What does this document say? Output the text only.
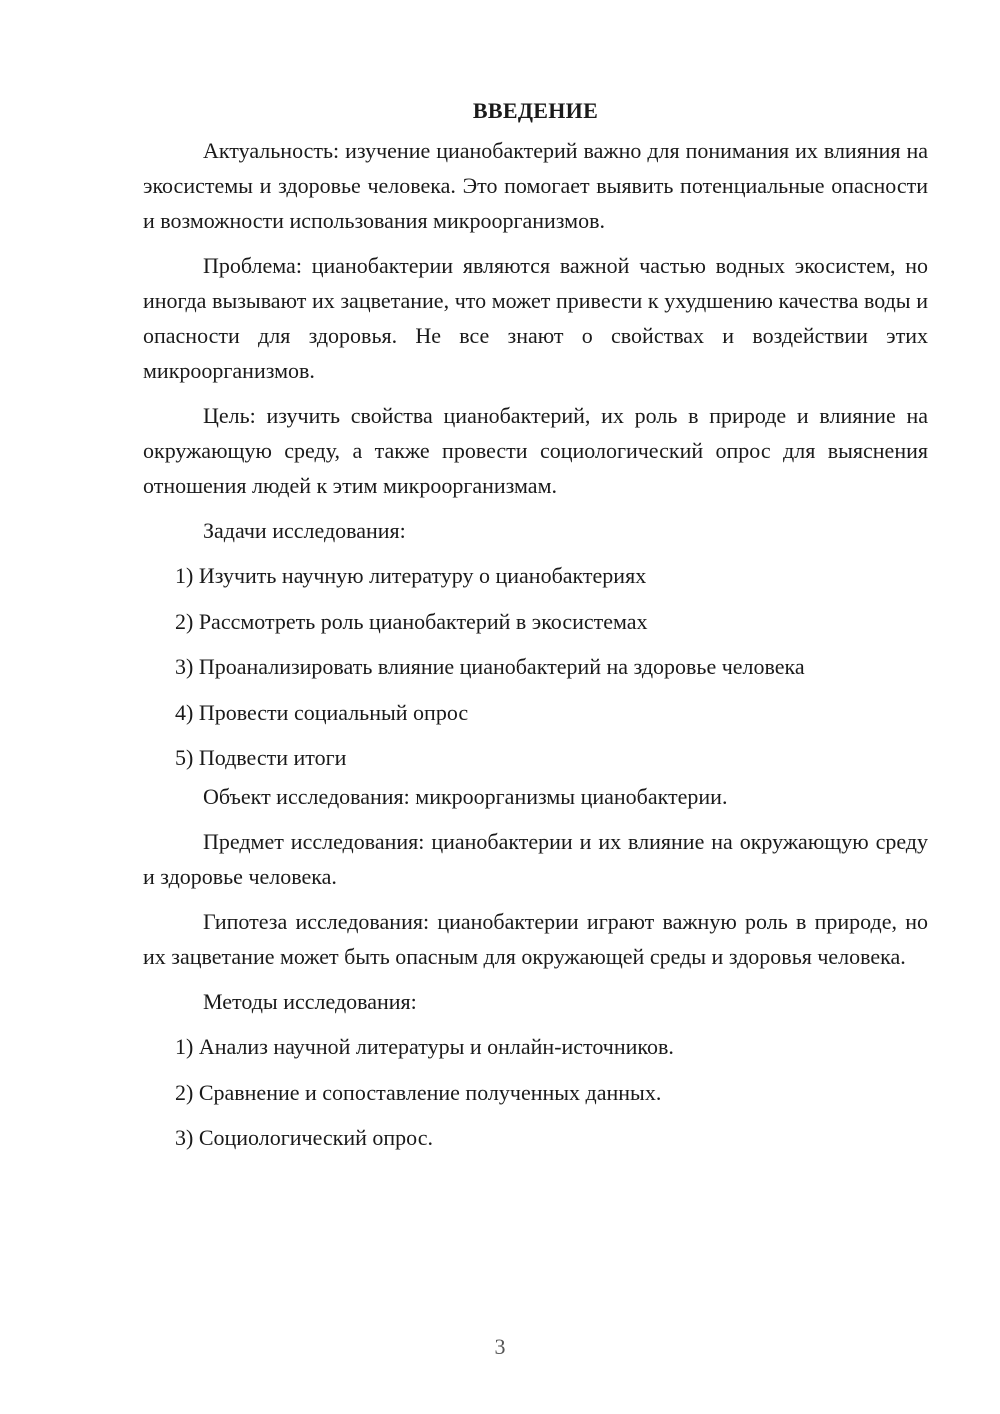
ВВЕДЕНИЕ

Актуальность: изучение цианобактерий важно для понимания их влияния на экосистемы и здоровье человека. Это помогает выявить потенциальные опасности и возможности использования микроорганизмов.

Проблема: цианобактерии являются важной частью водных экосистем, но иногда вызывают их зацветание, что может привести к ухудшению качества воды и опасности для здоровья. Не все знают о свойствах и воздействии этих микроорганизмов.

Цель: изучить свойства цианобактерий, их роль в природе и влияние на окружающую среду, а также провести социологический опрос для выяснения отношения людей к этим микроорганизмам.

Задачи исследования:

1) Изучить научную литературу о цианобактериях
2) Рассмотреть роль цианобактерий в экосистемах
3) Проанализировать влияние цианобактерий на здоровье человека
4) Провести социальный опрос
5) Подвести итоги

Объект исследования: микроорганизмы цианобактерии.

Предмет исследования: цианобактерии и их влияние на окружающую среду и здоровье человека.

Гипотеза исследования: цианобактерии играют важную роль в природе, но их зацветание может быть опасным для окружающей среды и здоровья человека.

Методы исследования:

1) Анализ научной литературы и онлайн-источников.
2) Сравнение и сопоставление полученных данных.
3) Социологический опрос.
3
